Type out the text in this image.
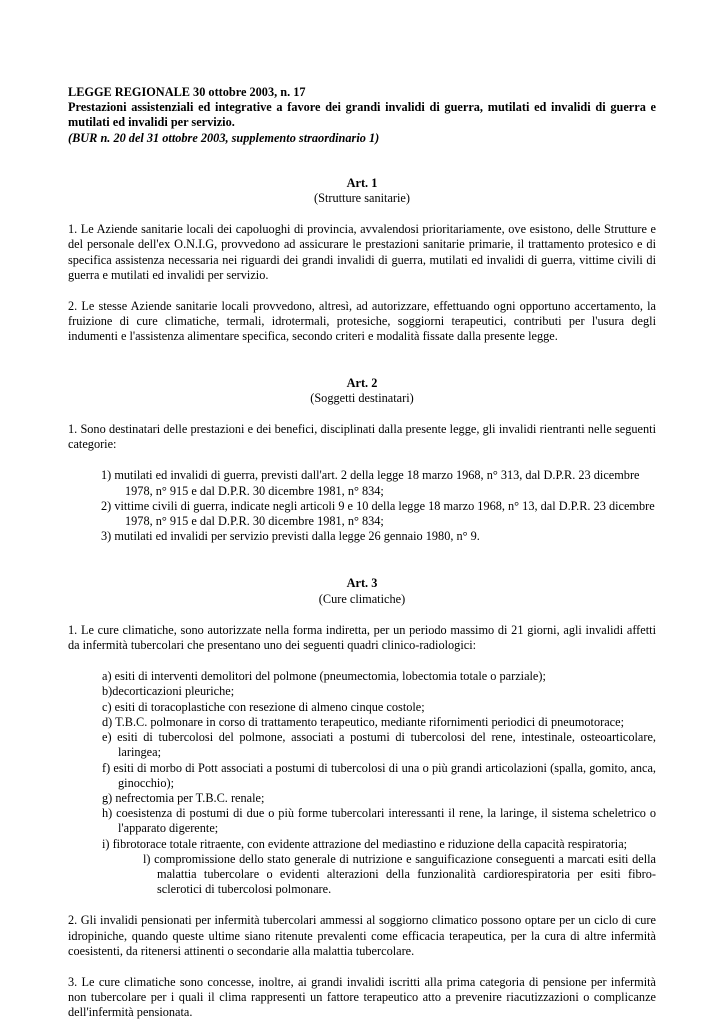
LEGGE REGIONALE 30 ottobre 2003, n. 17
Prestazioni assistenziali ed integrative a favore dei grandi invalidi di guerra, mutilati ed invalidi di guerra e mutilati ed invalidi per servizio.
(BUR n. 20 del 31 ottobre 2003, supplemento straordinario 1)
Art. 1
(Strutture sanitarie)

1. Le Aziende sanitarie locali dei capoluoghi di provincia, avvalendosi prioritariamente, ove esistono, delle Strutture e del personale dell'ex O.N.I.G, provvedono ad assicurare le prestazioni sanitarie primarie, il trattamento protesico e di specifica assistenza necessaria nei riguardi dei grandi invalidi di guerra, mutilati ed invalidi di guerra, vittime civili di guerra e mutilati ed invalidi per servizio.

2. Le stesse Aziende sanitarie locali provvedono, altresì, ad autorizzare, effettuando ogni opportuno accertamento, la fruizione di cure climatiche, termali, idrotermali, protesiche, soggiorni terapeutici, contributi per l'usura degli indumenti e l'assistenza alimentare specifica, secondo criteri e modalità fissate dalla presente legge.

Art. 2
(Soggetti destinatari)

1. Sono destinatari delle prestazioni e dei benefici, disciplinati dalla presente legge, gli invalidi rientranti nelle seguenti categorie:

1) mutilati ed invalidi di guerra, previsti dall'art. 2 della legge 18 marzo 1968, n° 313, dal D.P.R. 23 dicembre 1978, n° 915 e dal D.P.R. 30 dicembre 1981, n° 834;
2) vittime civili di guerra, indicate negli articoli 9 e 10 della legge 18 marzo 1968, n° 13, dal D.P.R. 23 dicembre 1978, n° 915 e dal D.P.R. 30 dicembre 1981, n° 834;
3) mutilati ed invalidi per servizio previsti dalla legge 26 gennaio 1980, n° 9.
Art. 3
(Cure climatiche)

1. Le cure climatiche, sono autorizzate nella forma indiretta, per un periodo massimo di 21 giorni, agli invalidi affetti da infermità tubercolari che presentano uno dei seguenti quadri clinico-radiologici:

a) esiti di interventi demolitori del polmone (pneumectomia, lobectomia totale o parziale);
b)decorticazioni pleuriche;
c) esiti di toracoplastiche con resezione di almeno cinque costole;
d) T.B.C. polmonare in corso di trattamento terapeutico, mediante rifornimenti periodici di pneumotorace;
e) esiti di tubercolosi del polmone, associati a postumi di tubercolosi del rene, intestinale, osteoarticolare, laringea;
f) esiti di morbo di Pott associati a postumi di tubercolosi di una o più grandi articolazioni (spalla, gomito, anca, ginocchio);
g) nefrectomia per T.B.C. renale;
h) coesistenza di postumi di due o più forme tubercolari interessanti il rene, la laringe, il sistema scheletrico o l'apparato digerente;
i) fibrotorace totale ritraente, con evidente attrazione del mediastino e riduzione della capacità respiratoria;
l) compromissione dello stato generale di nutrizione e sanguificazione conseguenti a marcati esiti della malattia tubercolare o evidenti alterazioni della funzionalità cardiorespiratoria per esiti fibro-sclerotici di tubercolosi polmonare.

2. Gli invalidi pensionati per infermità tubercolari ammessi al soggiorno climatico possono optare per un ciclo di cure idropiniche, quando queste ultime siano ritenute prevalenti come efficacia terapeutica, per la cura di altre infermità coesistenti, da ritenersi attinenti o secondarie alla malattia tubercolare.

3. Le cure climatiche sono concesse, inoltre, ai grandi invalidi iscritti alla prima categoria di pensione per infermità non tubercolare per i quali il clima rappresenti un fattore terapeutico atto a prevenire riacutizzazioni o complicanze dell'infermità pensionata.
